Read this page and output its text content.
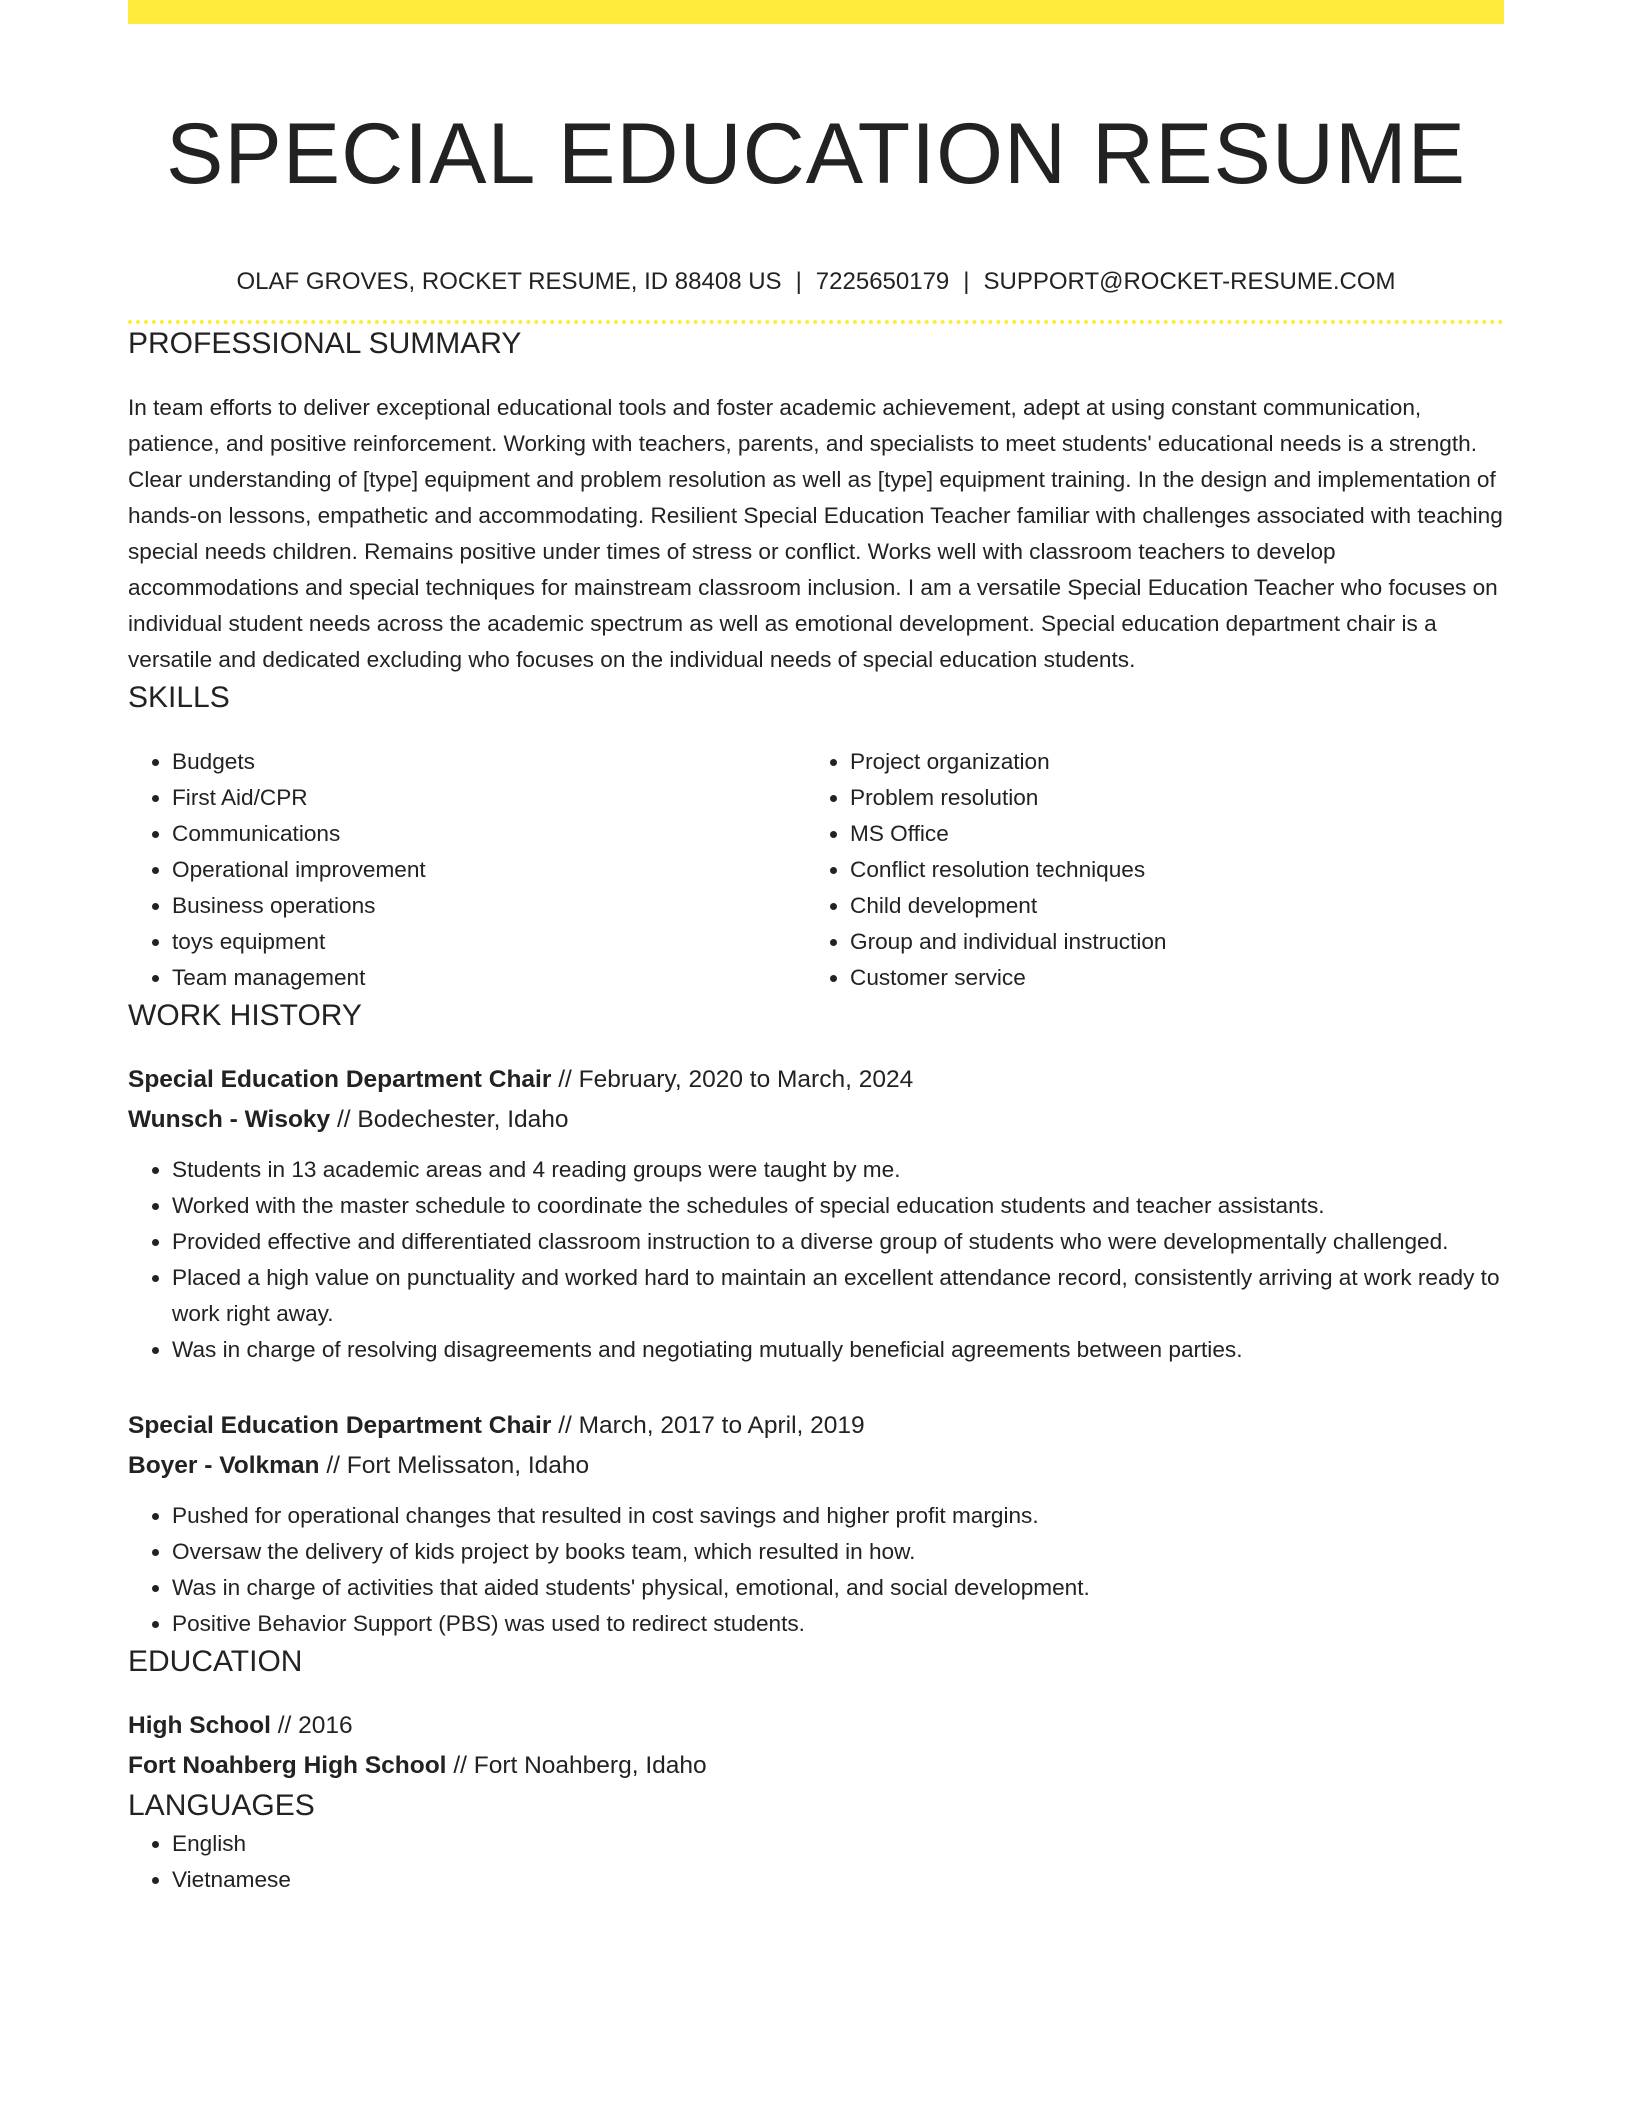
SPECIAL EDUCATION RESUME
OLAF GROVES, ROCKET RESUME, ID 88408 US | 7225650179 | SUPPORT@ROCKET-RESUME.COM
PROFESSIONAL SUMMARY

In team efforts to deliver exceptional educational tools and foster academic achievement, adept at using constant communication, patience, and positive reinforcement. Working with teachers, parents, and specialists to meet students' educational needs is a strength. Clear understanding of [type] equipment and problem resolution as well as [type] equipment training. In the design and implementation of hands-on lessons, empathetic and accommodating. Resilient Special Education Teacher familiar with challenges associated with teaching special needs children. Remains positive under times of stress or conflict. Works well with classroom teachers to develop accommodations and special techniques for mainstream classroom inclusion. I am a versatile Special Education Teacher who focuses on individual student needs across the academic spectrum as well as emotional development. Special education department chair is a versatile and dedicated excluding who focuses on the individual needs of special education students.

SKILLS
• Budgets
• First Aid/CPR
• Communications
• Operational improvement
• Business operations
• toys equipment
• Team management
• Project organization
• Problem resolution
• MS Office
• Conflict resolution techniques
• Child development
• Group and individual instruction
• Customer service
WORK HISTORY
Special Education Department Chair // February, 2020 to March, 2024
Wunsch - Wisoky // Bodechester, Idaho
• Students in 13 academic areas and 4 reading groups were taught by me.
• Worked with the master schedule to coordinate the schedules of special education students and teacher assistants.
• Provided effective and differentiated classroom instruction to a diverse group of students who were developmentally challenged.
• Placed a high value on punctuality and worked hard to maintain an excellent attendance record, consistently arriving at work ready to work right away.
• Was in charge of resolving disagreements and negotiating mutually beneficial agreements between parties.
Special Education Department Chair // March, 2017 to April, 2019
Boyer - Volkman // Fort Melissaton, Idaho
• Pushed for operational changes that resulted in cost savings and higher profit margins.
• Oversaw the delivery of kids project by books team, which resulted in how.
• Was in charge of activities that aided students' physical, emotional, and social development.
• Positive Behavior Support (PBS) was used to redirect students.
EDUCATION
High School // 2016
Fort Noahberg High School // Fort Noahberg, Idaho
LANGUAGES
• English
• Vietnamese
